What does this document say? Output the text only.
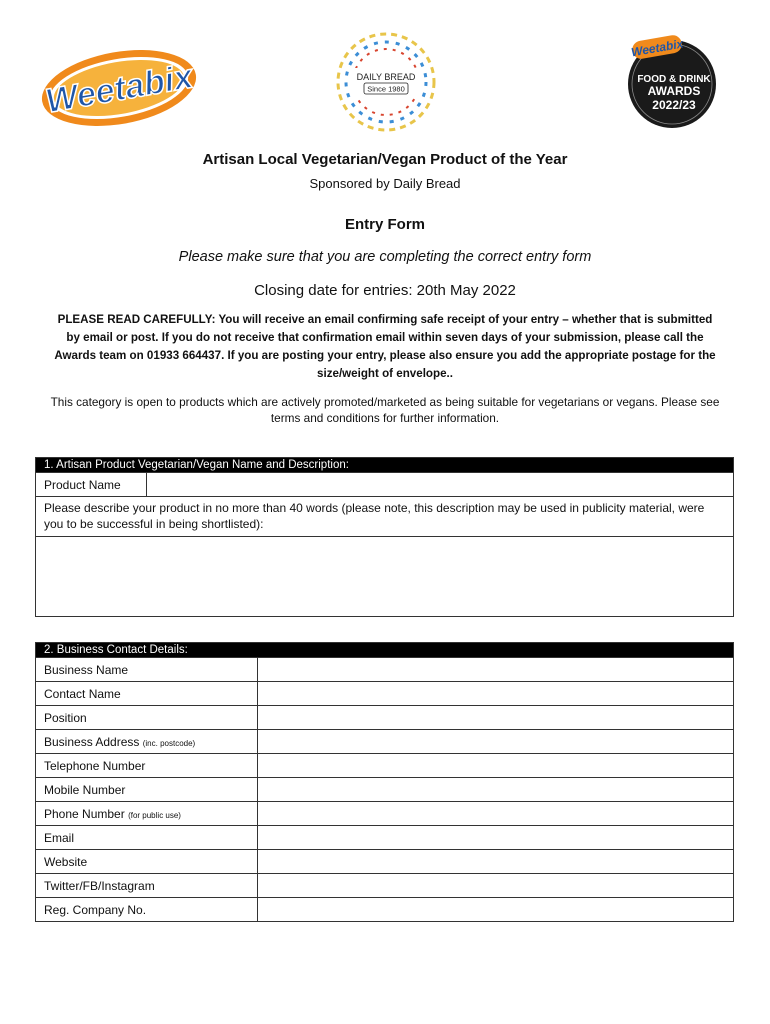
Weetabix	DAILY BREAD
Since 1980
Weetabix
FOOD & DRINK
AWARDS
2022/23
Artisan Local Vegetarian/Vegan Product of the Year
Sponsored by Daily Bread
Entry Form
Please make sure that you are completing the correct entry form
Closing date for entries: 20th May 2022
PLEASE READ CAREFULLY: You will receive an email confirming safe receipt of your entry – whether that is submitted by email or post. If you do not receive that confirmation email within seven days of your submission, please call the Awards team on 01933 664437. If you are posting your entry, please also ensure you add the appropriate postage for the size/weight of envelope..
This category is open to products which are actively promoted/marketed as being suitable for vegetarians or vegans. Please see terms and conditions for further information.
1. Artisan Product Vegetarian/Vegan Name and Description:
Product Name	
Please describe your product in no more than 40 words (please note, this description may be used in publicity material, were you to be successful in being shortlisted):

2. Business Contact Details:	
Business Name	
Contact Name	
Position	
Business Address (inc. postcode)	
Telephone Number	
Mobile Number	
Phone Number (for public use)	
Email	
Website	
Twitter/FB/Instagram	
Reg. Company No.	
